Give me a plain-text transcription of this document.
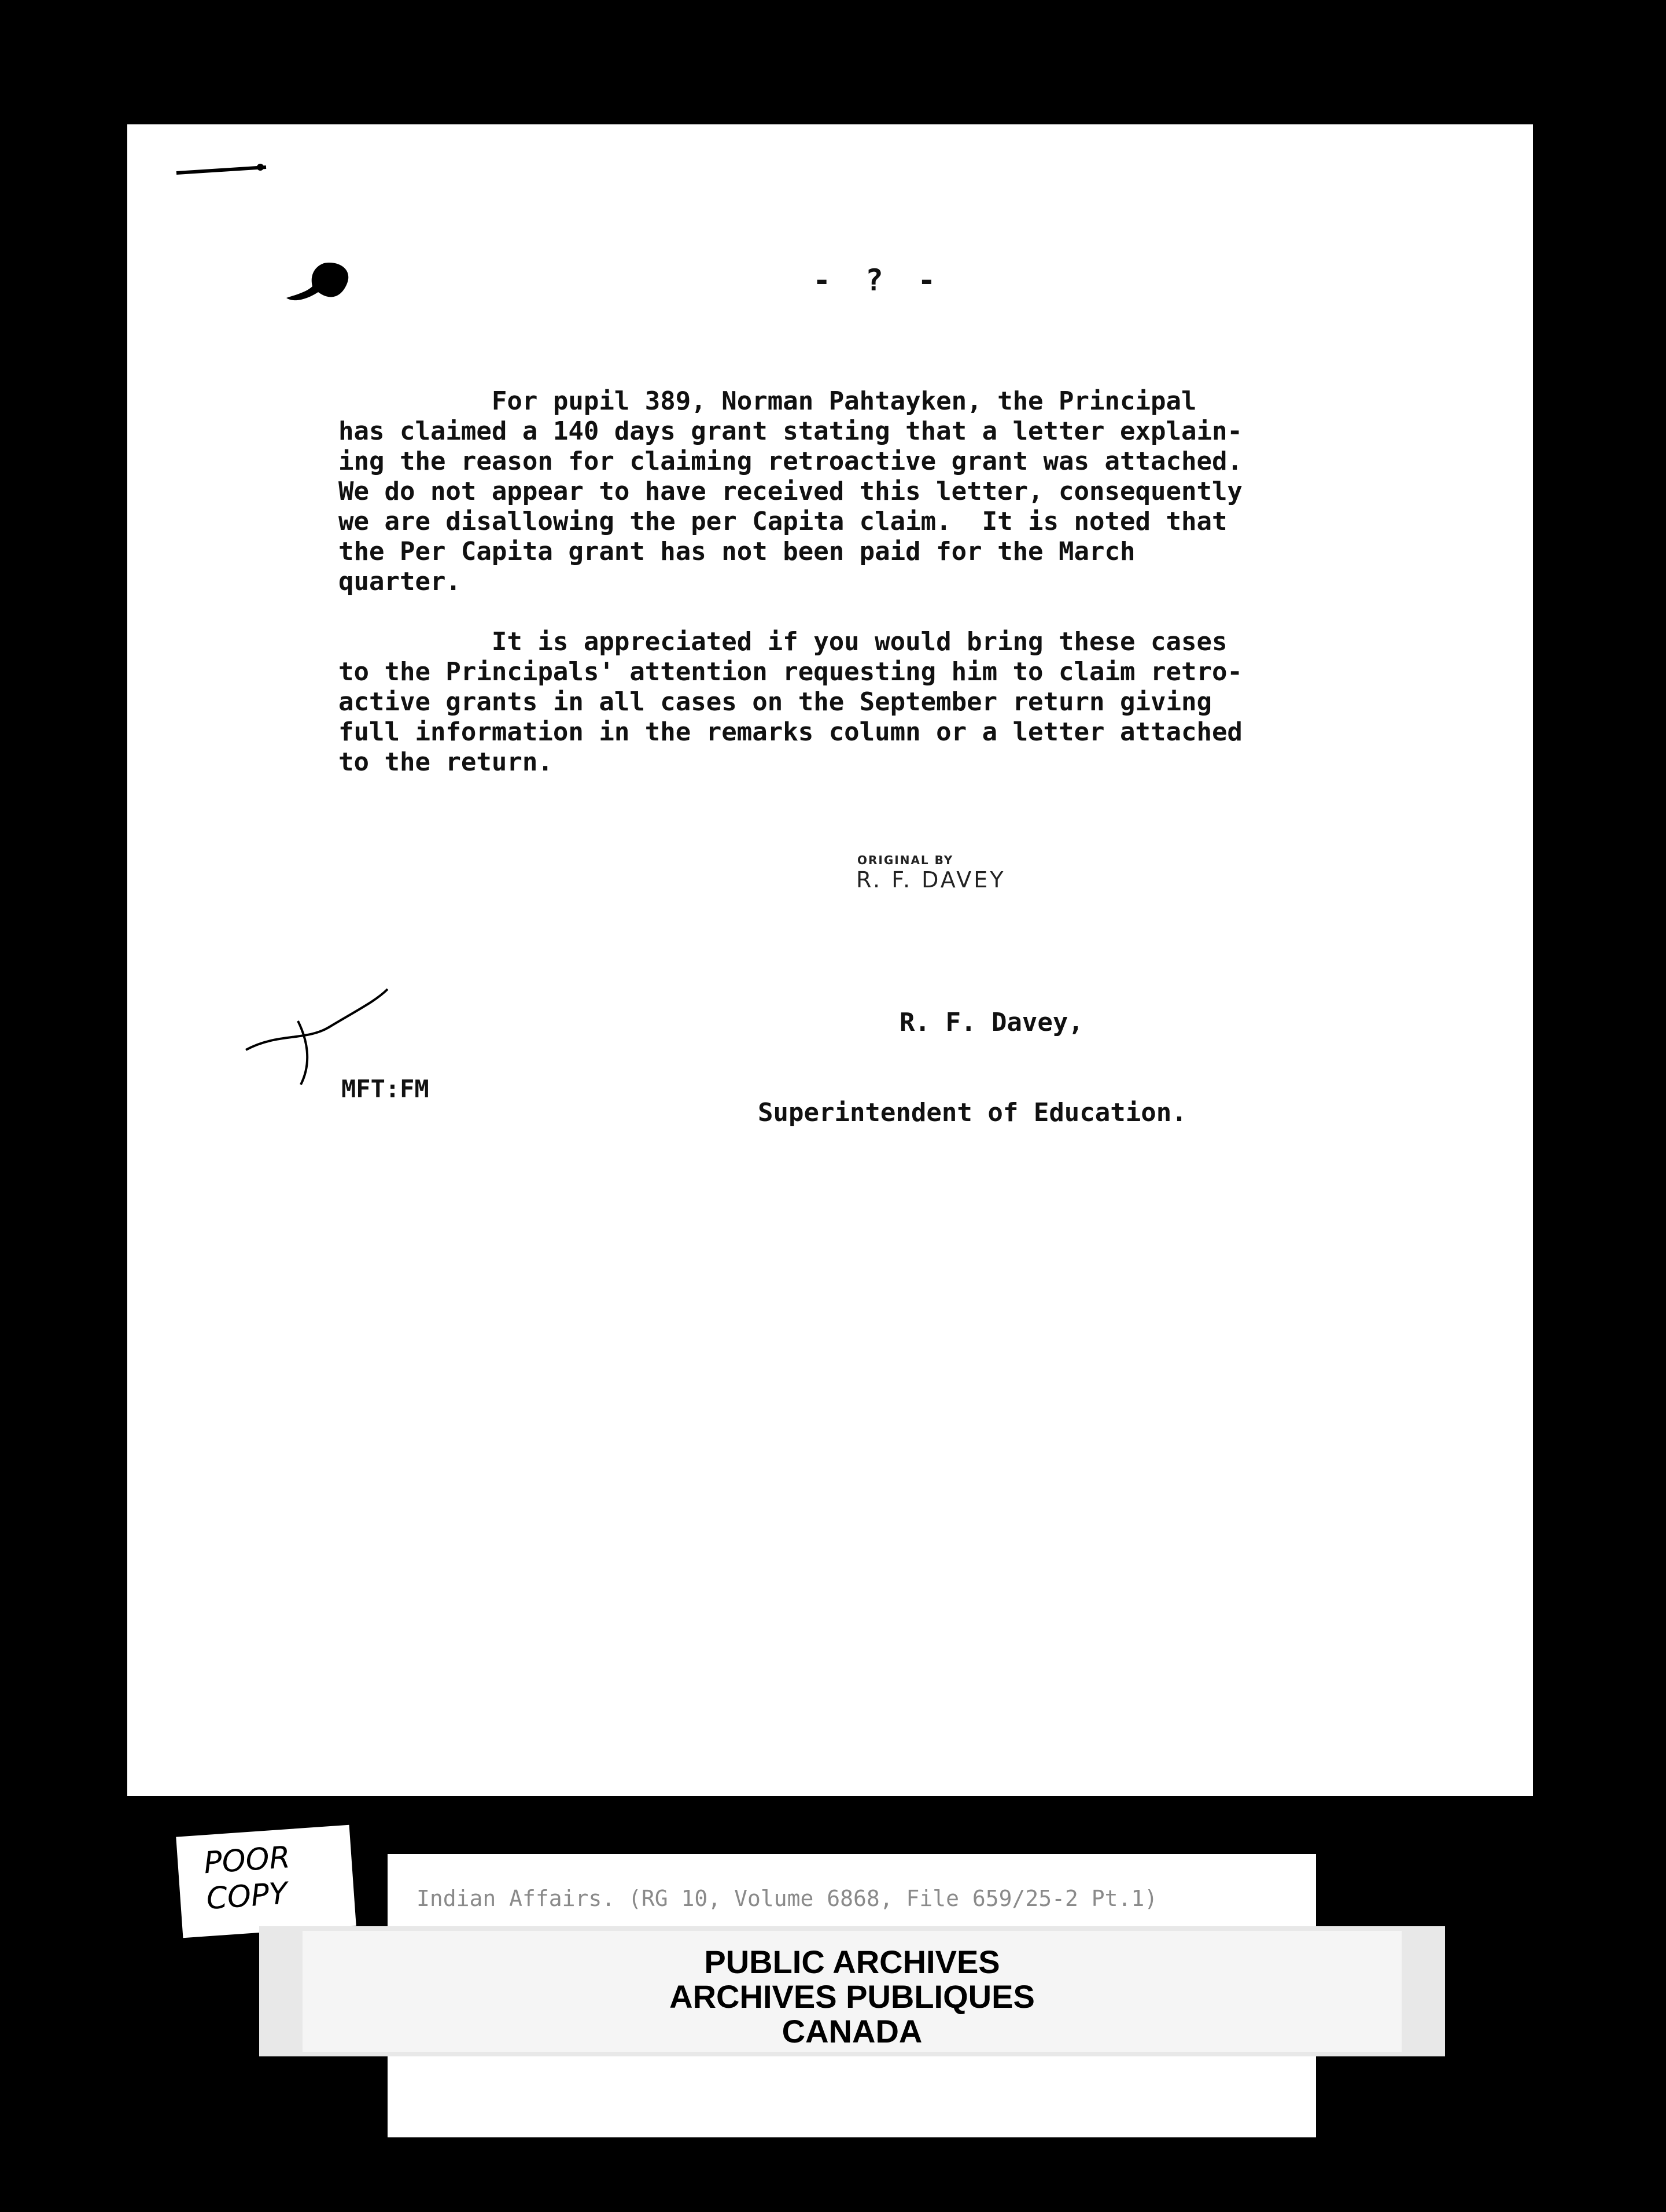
- ? -

For pupil 389, Norman Pahtayken, the Principal
has claimed a 140 days grant stating that a letter explain-
ing the reason for claiming retroactive grant was attached.
We do not appear to have received this letter, consequently
we are disallowing the per Capita claim.  It is noted that
the Per Capita grant has not been paid for the March
quarter.

It is appreciated if you would bring these cases
to the Principals' attention requesting him to claim retro-
active grants in all cases on the September return giving
full information in the remarks column or a letter attached
to the return.

ORIGINAL BY
R. F. DAVEY

R. F. Davey,

Superintendent of Education.

MFT:FM
POOR
COPY	Indian Affairs. (RG 10, Volume 6868, File 659/25-2 Pt.1)
PUBLIC ARCHIVES
ARCHIVES PUBLIQUES
CANADA
